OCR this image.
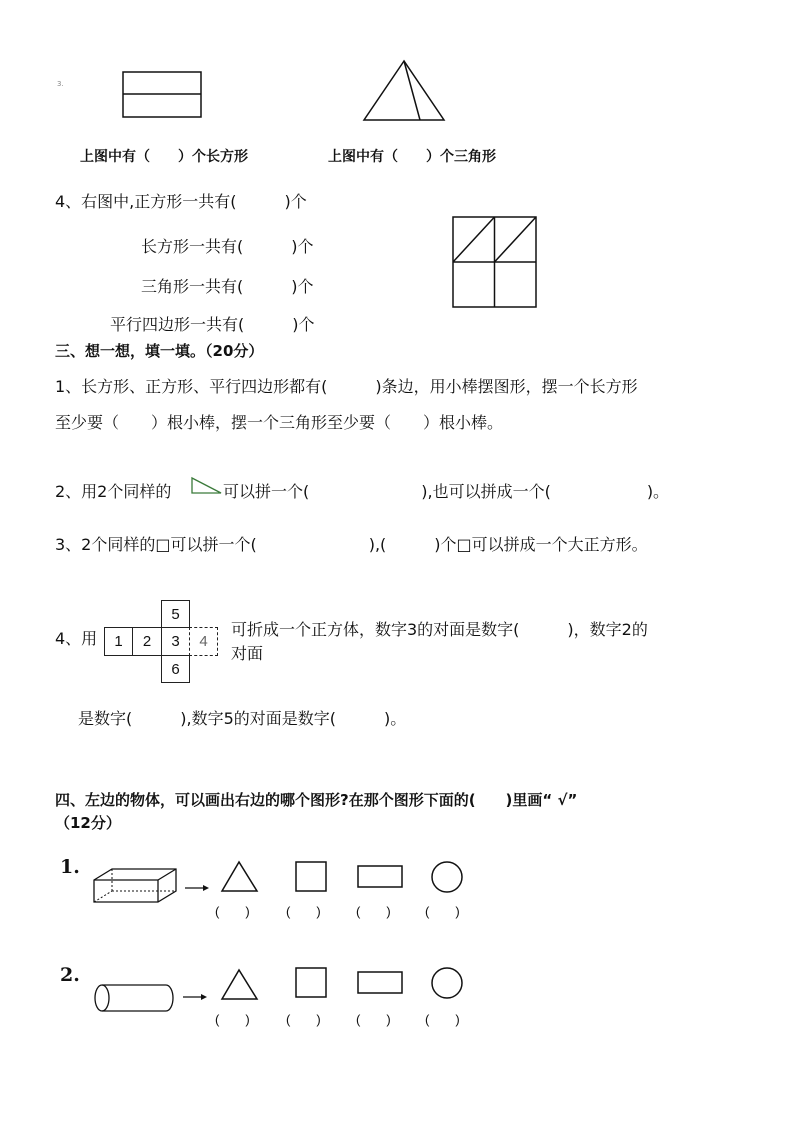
3.
上图中有（　　）个长方形	上图中有（　　）个三角形
4、右图中,正方形一共有(　　　)个
长方形一共有(　　　)个
三角形一共有(　　　)个
平行四边形一共有(　　　)个
三、想一想，填一填。（20分）
1、长方形、正方形、平行四边形都有(　　　)条边，用小棒摆图形，摆一个长方形
至少要（　　）根小棒，摆一个三角形至少要（　　）根小棒。
2、用2个同样的	可以拼一个(　　　　　　　),也可以拼成一个(　　　　　　)。
3、2个同样的□可以拼一个(　　　　　　　),(　　　)个□可以拼成一个大正方形。
4、用
5
1	2	3	4
6
可折成一个正方体，数字3的对面是数字(　　　)，数字2的
对面
是数字(　　　),数字5的对面是数字(　　　)。
四、左边的物体，可以画出右边的哪个图形?在那个图形下面的(　　)里画“ √”
（12分）
1.
(　　)	(　　)	(　　)	(　　)
2.
(　　)	(　　)	(　　)	(　　)
